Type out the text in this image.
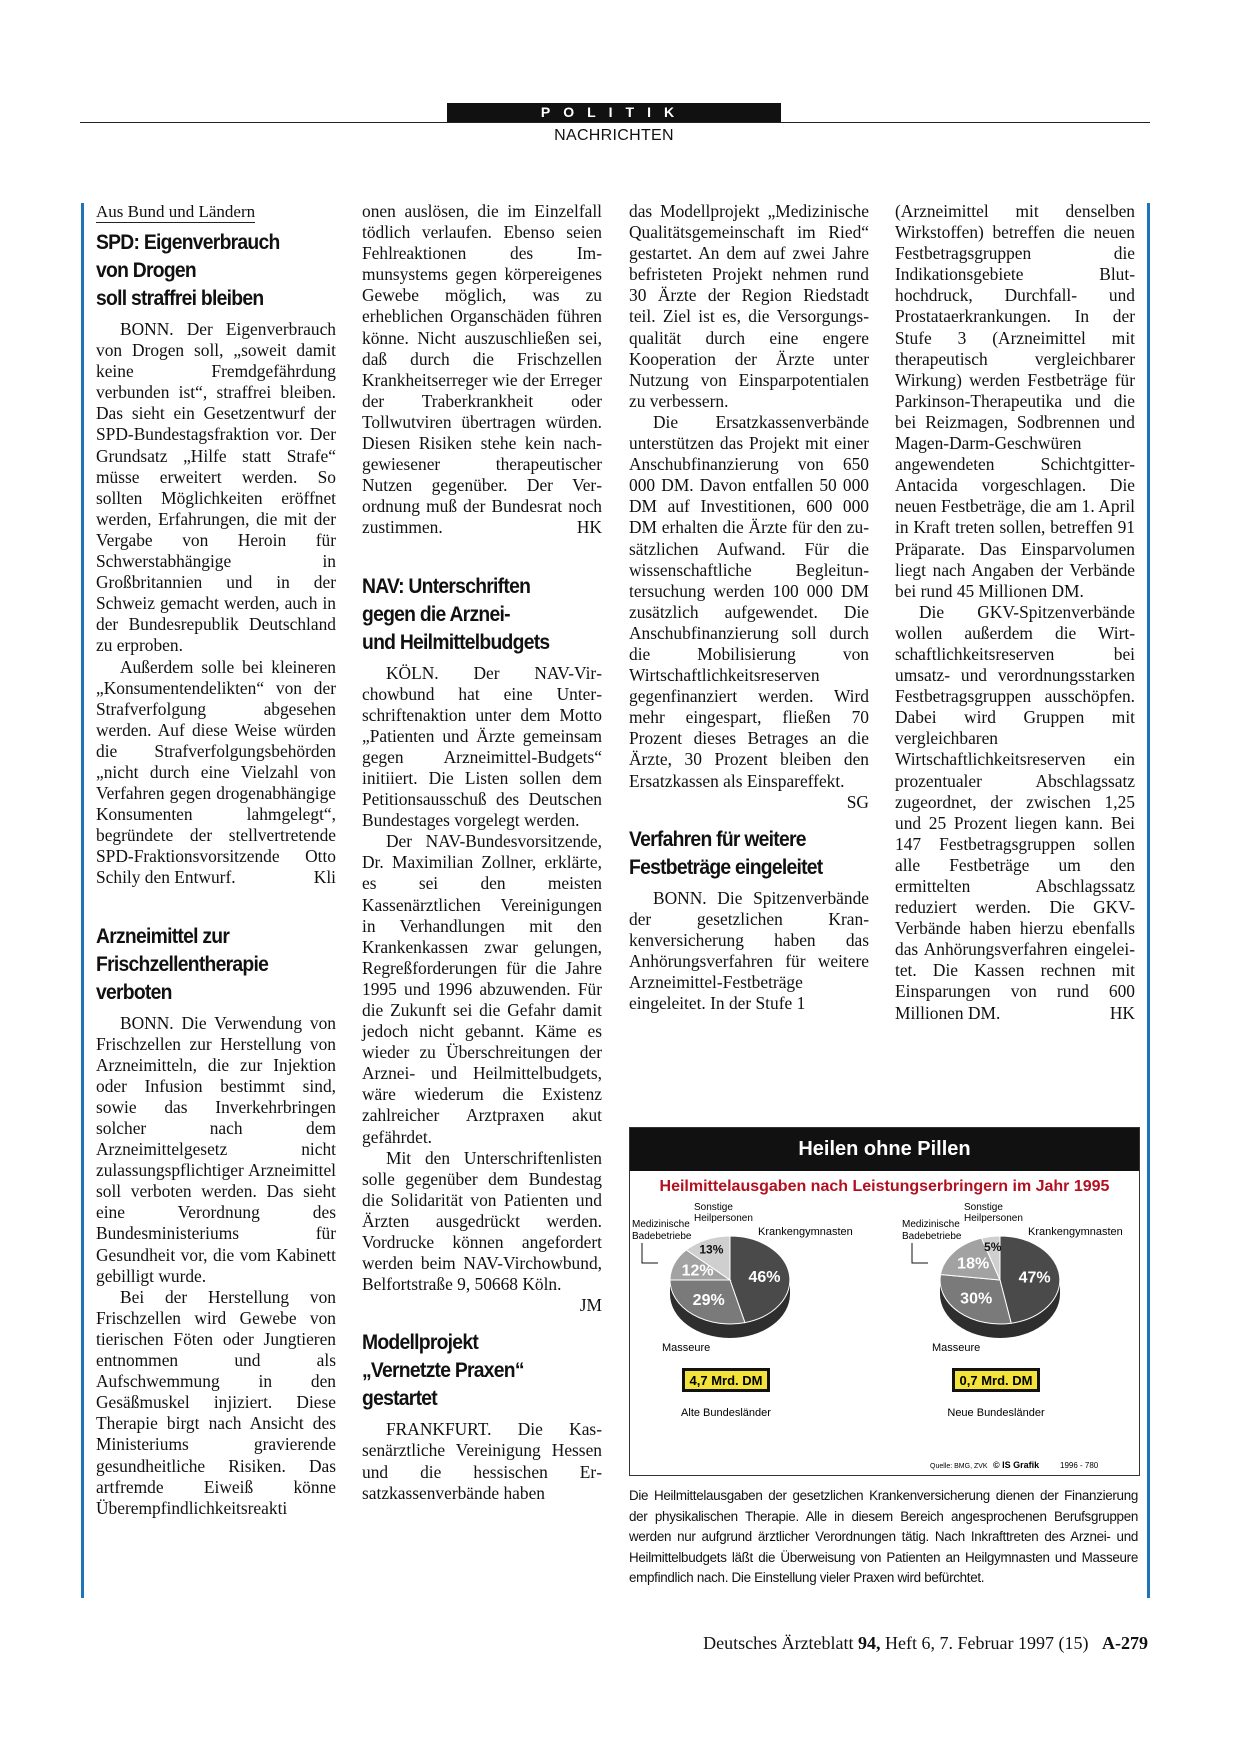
POLITIK
NACHRICHTEN
Aus Bund und Ländern
SPD: Eigenverbrauch
von Drogen
soll straffrei bleiben

BONN. Der Eigenverbrauch von Drogen soll, „soweit damit keine Fremdgefährdung verbunden ist“, straffrei bleiben. Das sieht ein Gesetzentwurf der SPD-Bundestagsfraktion vor. Der Grundsatz „Hilfe statt Strafe“ müsse erweitert werden. So sollten Möglichkeiten eröffnet werden, Erfahrungen, die mit der Vergabe von Heroin für Schwerstabhängige in Großbritannien und in der Schweiz gemacht werden, auch in der Bundesrepublik Deutschland zu erproben.

Außerdem solle bei kleineren „Konsumentendelikten“ von der Strafverfolgung abgesehen werden. Auf diese Weise würden die Strafverfolgungsbehörden „nicht durch eine Vielzahl von Verfahren gegen drogenabhängige Konsumenten lahmgelegt“, begründete der stellvertretende SPD-Fraktionsvorsitzende Otto Schily den Entwurf.	Kli

Arzneimittel zur
Frischzellentherapie
verboten

BONN. Die Verwendung von Frischzellen zur Herstellung von Arzneimitteln, die zur Injektion oder Infusion bestimmt sind, sowie das Inverkehrbringen solcher nach dem Arzneimittelgesetz nicht zulassungspflichtiger Arzneimittel soll verboten werden. Das sieht eine Verordnung des Bundesministeriums für Gesundheit vor, die vom Kabinett gebilligt wurde.

Bei der Herstellung von Frischzellen wird Gewebe von tierischen Föten oder Jungtieren entnommen und als Aufschwemmung in den Gesäßmuskel injiziert. Diese Therapie birgt nach Ansicht des Ministeriums gravierende gesundheitliche Risiken. Das artfremde Eiweiß könne Überempfindlichkeitsreakti

onen auslösen, die im Einzelfall tödlich verlaufen. Ebenso seien Fehlreaktionen des Immunsystems gegen körpereigenes Gewebe möglich, was zu erheblichen Organschäden führen könne. Nicht auszuschließen sei, daß durch die Frischzellen Krankheitserreger wie der Erreger der Traberkrankheit oder Tollwutviren übertragen würden. Diesen Risiken stehe kein nachgewiesener therapeutischer Nutzen gegenüber. Der Verordnung muß der Bundesrat noch zustimmen.	HK

NAV: Unterschriften
gegen die Arznei-
und Heilmittelbudgets

KÖLN. Der NAV-Virchowbund hat eine Unterschriftenaktion unter dem Motto „Patienten und Ärzte gemeinsam gegen Arzneimittel-Budgets“ initiiert. Die Listen sollen dem Petitionsausschuß des Deutschen Bundestages vorgelegt werden.

Der NAV-Bundesvorsitzende, Dr. Maximilian Zollner, erklärte, es sei den meisten Kassenärztlichen Vereinigungen in Verhandlungen mit den Krankenkassen zwar gelungen, Regreßforderungen für die Jahre 1995 und 1996 abzuwenden. Für die Zukunft sei die Gefahr damit jedoch nicht gebannt. Käme es wieder zu Überschreitungen der Arznei- und Heilmittelbudgets, wäre wiederum die Existenz zahlreicher Arztpraxen akut gefährdet.

Mit den Unterschriftenlisten solle gegenüber dem Bundestag die Solidarität von Patienten und Ärzten ausgedrückt werden. Vordrucke können angefordert werden beim NAV-Virchowbund, Belfortstraße 9, 50668 Köln.
JM

Modellprojekt
„Vernetzte Praxen“
gestartet

FRANKFURT. Die Kassenärztliche Vereinigung Hessen und die hessischen Ersatzkassenverbände haben

das Modellprojekt „Medizinische Qualitätsgemeinschaft im Ried“ gestartet. An dem auf zwei Jahre befristeten Projekt nehmen rund 30 Ärzte der Region Riedstadt teil. Ziel ist es, die Versorgungsqualität durch eine engere Kooperation der Ärzte unter Nutzung von Einsparpotentialen zu verbessern.

Die Ersatzkassenverbände unterstützen das Projekt mit einer Anschubfinanzierung von 650 000 DM. Davon entfallen 50 000 DM auf Investitionen, 600 000 DM erhalten die Ärzte für den zusätzlichen Aufwand. Für die wissenschaftliche Begleituntersuchung werden 100 000 DM zusätzlich aufgewendet. Die Anschubfinanzierung soll durch die Mobilisierung von Wirtschaftlichkeitsreserven gegenfinanziert werden. Wird mehr eingespart, fließen 70 Prozent dieses Betrages an die Ärzte, 30 Prozent bleiben den Ersatzkassen als Einspareffekt.
SG

Verfahren für weitere
Festbeträge eingeleitet

BONN. Die Spitzenverbände der gesetzlichen Krankenversicherung haben das Anhörungsverfahren für weitere Arzneimittel-Festbeträge eingeleitet. In der Stufe 1

(Arzneimittel mit denselben Wirkstoffen) betreffen die neuen Festbetragsgruppen die Indikationsgebiete Bluthochdruck, Durchfall- und Prostataerkrankungen. In der Stufe 3 (Arzneimittel mit therapeutisch vergleichbarer Wirkung) werden Festbeträge für Parkinson-Therapeutika und die bei Reizmagen, Sodbrennen und Magen-Darm-Geschwüren angewendeten Schichtgitter-Antacida vorgeschlagen. Die neuen Festbeträge, die am 1. April in Kraft treten sollen, betreffen 91 Präparate. Das Einsparvolumen liegt nach Angaben der Verbände bei rund 45 Millionen DM.

Die GKV-Spitzenverbände wollen außerdem die Wirtschaftlichkeitsreserven bei umsatz- und verordnungsstarken Festbetragsgruppen ausschöpfen. Dabei wird Gruppen mit vergleichbaren Wirtschaftlichkeitsreserven ein prozentualer Abschlagssatz zugeordnet, der zwischen 1,25 und 25 Prozent liegen kann. Bei 147 Festbetragsgruppen sollen alle Festbeträge um den ermittelten Abschlagssatz reduziert werden. Die GKV-Verbände haben hierzu ebenfalls das Anhörungsverfahren eingeleitet. Die Kassen rechnen mit Einsparungen von rund 600 Millionen DM.	HK

Heilen ohne Pillen
Heilmittelausgaben nach Leistungserbringern im Jahr 1995
46%
29%
12%
13%
Krankengymnasten
Sonstige
Heilpersonen
Medizinische
Badebetriebe
Masseure
4,7 Mrd. DM
Alte Bundesländer
47%
30%
18%
5%
Krankengymnasten
Sonstige
Heilpersonen
Medizinische
Badebetriebe
Masseure
0,7 Mrd. DM
Neue Bundesländer
Quelle: BMG, ZVK © IS Grafik	1996 - 780
Die Heilmittelausgaben der gesetzlichen Krankenversicherung dienen der Finanzierung der physikalischen Therapie. Alle in diesem Bereich angesprochenen Berufsgruppen werden nur aufgrund ärztlicher Verordnungen tätig. Nach Inkrafttreten des Arznei- und Heilmittelbudgets läßt die Überweisung von Patienten an Heilgymnasten und Masseure empfindlich nach. Die Einstellung vieler Praxen wird befürchtet.
Deutsches Ärzteblatt 94, Heft 6, 7. Februar 1997 (15) A-279
